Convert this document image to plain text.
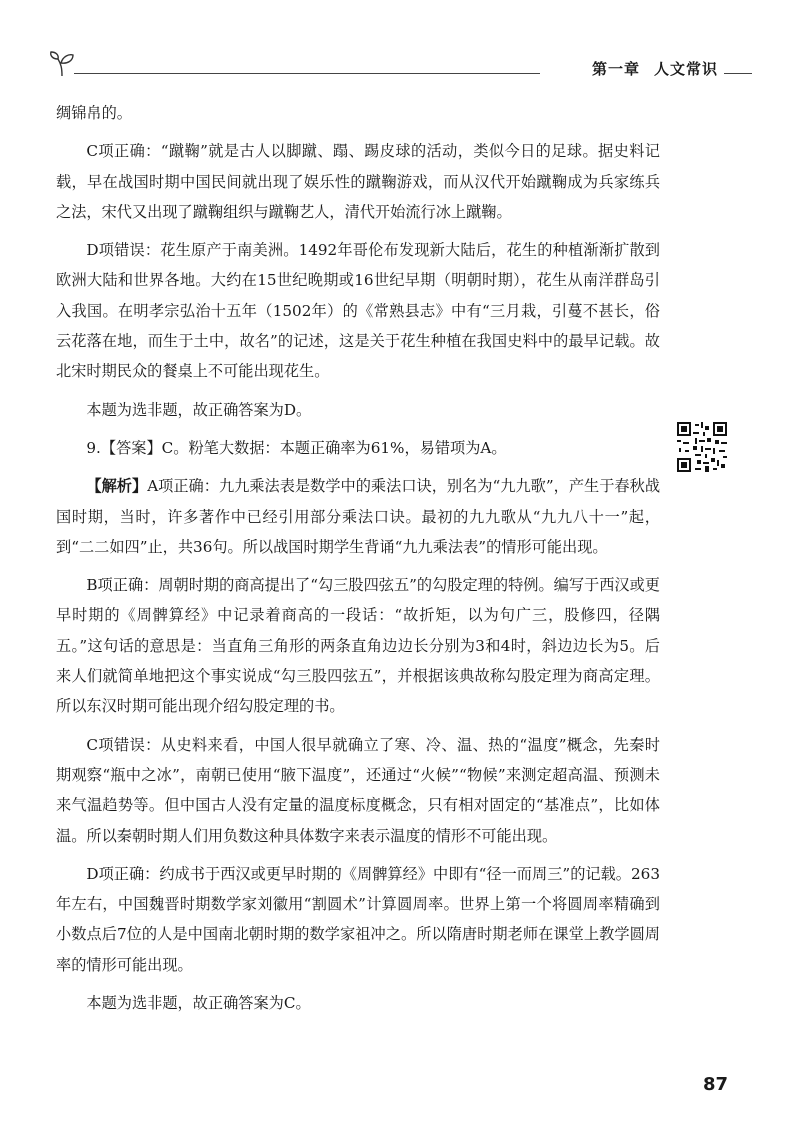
第一章 人文常识

绸锦帛的。

C项正确：“蹴鞠”就是古人以脚蹴、蹋、踢皮球的活动，类似今日的足球。据史料记载，早在战国时期中国民间就出现了娱乐性的蹴鞠游戏，而从汉代开始蹴鞠成为兵家练兵之法，宋代又出现了蹴鞠组织与蹴鞠艺人，清代开始流行冰上蹴鞠。

D项错误：花生原产于南美洲。1492年哥伦布发现新大陆后，花生的种植渐渐扩散到欧洲大陆和世界各地。大约在15世纪晚期或16世纪早期（明朝时期），花生从南洋群岛引入我国。在明孝宗弘治十五年（1502年）的《常熟县志》中有“三月栽，引蔓不甚长，俗云花落在地，而生于土中，故名”的记述，这是关于花生种植在我国史料中的最早记载。故北宋时期民众的餐桌上不可能出现花生。

本题为选非题，故正确答案为D。

9.【答案】C。粉笔大数据：本题正确率为61%，易错项为A。

【解析】A项正确：九九乘法表是数学中的乘法口诀，别名为“九九歌”，产生于春秋战国时期，当时，许多著作中已经引用部分乘法口诀。最初的九九歌从“九九八十一”起，到“二二如四”止，共36句。所以战国时期学生背诵“九九乘法表”的情形可能出现。

B项正确：周朝时期的商高提出了“勾三股四弦五”的勾股定理的特例。编写于西汉或更早时期的《周髀算经》中记录着商高的一段话：“故折矩，以为句广三，股修四，径隅五。”这句话的意思是：当直角三角形的两条直角边边长分别为3和4时，斜边边长为5。后来人们就简单地把这个事实说成“勾三股四弦五”，并根据该典故称勾股定理为商高定理。所以东汉时期可能出现介绍勾股定理的书。

C项错误：从史料来看，中国人很早就确立了寒、冷、温、热的“温度”概念，先秦时期观察“瓶中之冰”，南朝已使用“腋下温度”，还通过“火候”“物候”来测定超高温、预测未来气温趋势等。但中国古人没有定量的温度标度概念，只有相对固定的“基准点”，比如体温。所以秦朝时期人们用负数这种具体数字来表示温度的情形不可能出现。

D项正确：约成书于西汉或更早时期的《周髀算经》中即有“径一而周三”的记载。263年左右，中国魏晋时期数学家刘徽用“割圆术”计算圆周率。世界上第一个将圆周率精确到小数点后7位的人是中国南北朝时期的数学家祖冲之。所以隋唐时期老师在课堂上教学圆周率的情形可能出现。

本题为选非题，故正确答案为C。

87
